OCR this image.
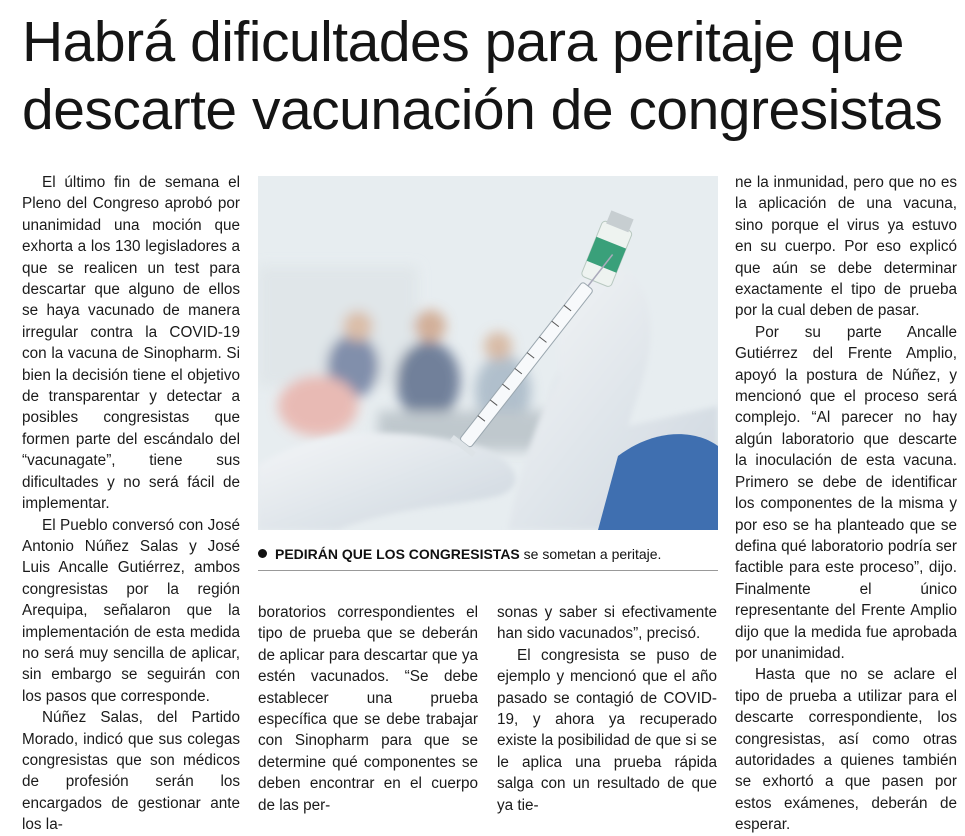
Habrá dificultades para peritaje que descarte vacunación de congresistas

El último fin de semana el Pleno del Congreso aprobó por unanimidad una moción que exhorta a los 130 legisladores a que se realicen un test para descartar que alguno de ellos se haya vacunado de manera irregular contra la COVID-19 con la vacuna de Sinopharm. Si bien la decisión tiene el objetivo de transparentar y detectar a posibles congresistas que formen parte del escándalo del “vacunagate”, tiene sus dificultades y no será fácil de implementar.

El Pueblo conversó con José Antonio Núñez Salas y José Luis Ancalle Gutiérrez, ambos congresistas por la región Arequipa, señalaron que la implementación de esta medida no será muy sencilla de aplicar, sin embargo se seguirán con los pasos que corresponde.

Núñez Salas, del Partido Morado, indicó que sus colegas congresistas que son médicos de profesión serán los encargados de gestionar ante los la-

PEDIRÁN QUE LOS CONGRESISTAS se sometan a peritaje.

boratorios correspondientes el tipo de prueba que se deberán de aplicar para descartar que ya estén vacunados. “Se debe establecer una prueba específica que se debe trabajar con Sinopharm para que se determine qué componentes se deben encontrar en el cuerpo de las per-

sonas y saber si efectivamente han sido vacunados”, precisó.

El congresista se puso de ejemplo y mencionó que el año pasado se contagió de COVID-19, y ahora ya recuperado existe la posibilidad de que si se le aplica una prueba rápida salga con un resultado de que ya tie-

ne la inmunidad, pero que no es la aplicación de una vacuna, sino porque el virus ya estuvo en su cuerpo. Por eso explicó que aún se debe determinar exactamente el tipo de prueba por la cual deben de pasar.

Por su parte Ancalle Gutiérrez del Frente Amplio, apoyó la postura de Núñez, y mencionó que el proceso será complejo. “Al parecer no hay algún laboratorio que descarte la inoculación de esta vacuna. Primero se debe de identificar los componentes de la misma y por eso se ha planteado que se defina qué laboratorio podría ser factible para este proceso”, dijo. Finalmente el único representante del Frente Amplio dijo que la medida fue aprobada por unanimidad.

Hasta que no se aclare el tipo de prueba a utilizar para el descarte correspondiente, los congresistas, así como otras autoridades a quienes también se exhortó a que pasen por estos exámenes, deberán de esperar.
